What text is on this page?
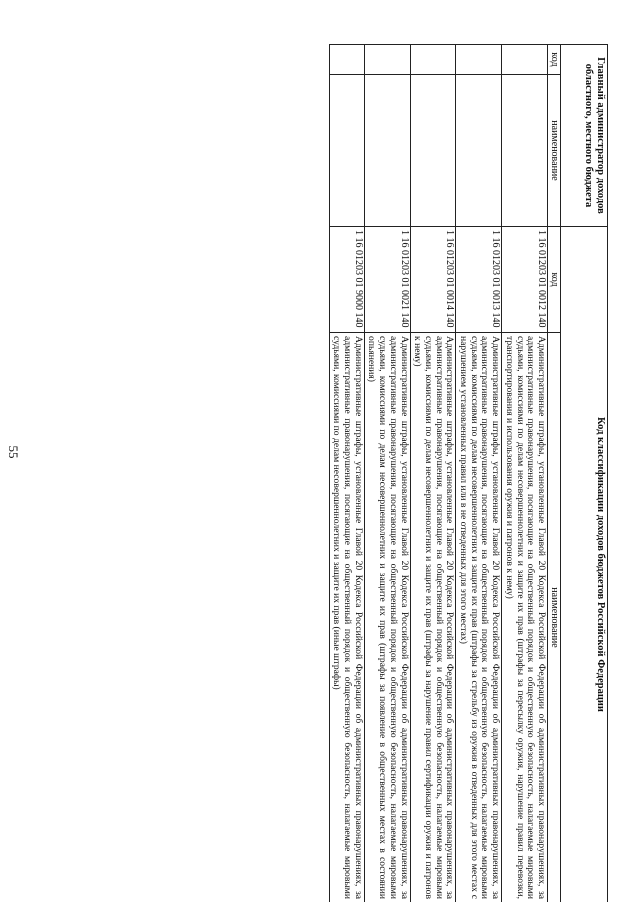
55
Главный администратор доходов областного, местного бюджета		Код классификации доходов бюджетов Российской Федерации	
код	наименование	код	наименование
		1 16 01203 01 0012 140	Административные штрафы, установленные Главой 20 Кодекса Российской Федерации об административных правонарушениях, за административные правонарушения, посягающие на общественный порядок и общественную безопасность, налагаемые мировыми судьями, комиссиями по делам несовершеннолетних и защите их прав (штрафы за пересылку оружия, нарушение правил перевозки, транспортирования и использования оружия и патронов к нему)
		1 16 01203 01 0013 140	Административные штрафы, установленные Главой 20 Кодекса Российской Федерации об административных правонарушениях, за административные правонарушения, посягающие на общественный порядок и общественную безопасность, налагаемые мировыми судьями, комиссиями по делам несовершеннолетних и защите их прав (штрафы за стрельбу из оружия в отведенных для этого местах с нарушением установленных правил или в не отведенных для этого местах)
		1 16 01203 01 0014 140	Административные штрафы, установленные Главой 20 Кодекса Российской Федерации об административных правонарушениях, за административные правонарушения, посягающие на общественный порядок и общественную безопасность, налагаемые мировыми судьями, комиссиями по делам несовершеннолетних и защите их прав (штрафы за нарушение правил сертификации оружия и патронов к нему)
		1 16 01203 01 0021 140	Административные штрафы, установленные Главой 20 Кодекса Российской Федерации об административных правонарушениях, за административные правонарушения, посягающие на общественный порядок и общественную безопасность, налагаемые мировыми судьями, комиссиями по делам несовершеннолетних и защите их прав (штрафы за появление в общественных местах в состоянии опьянения)
		1 16 01203 01 9000 140	Административные штрафы, установленные Главой 20 Кодекса Российской Федерации об административных правонарушениях, за административные правонарушения, посягающие на общественный порядок и общественную безопасность, налагаемые мировыми судьями, комиссиями по делам несовершеннолетних и защите их прав (иные штрафы)
